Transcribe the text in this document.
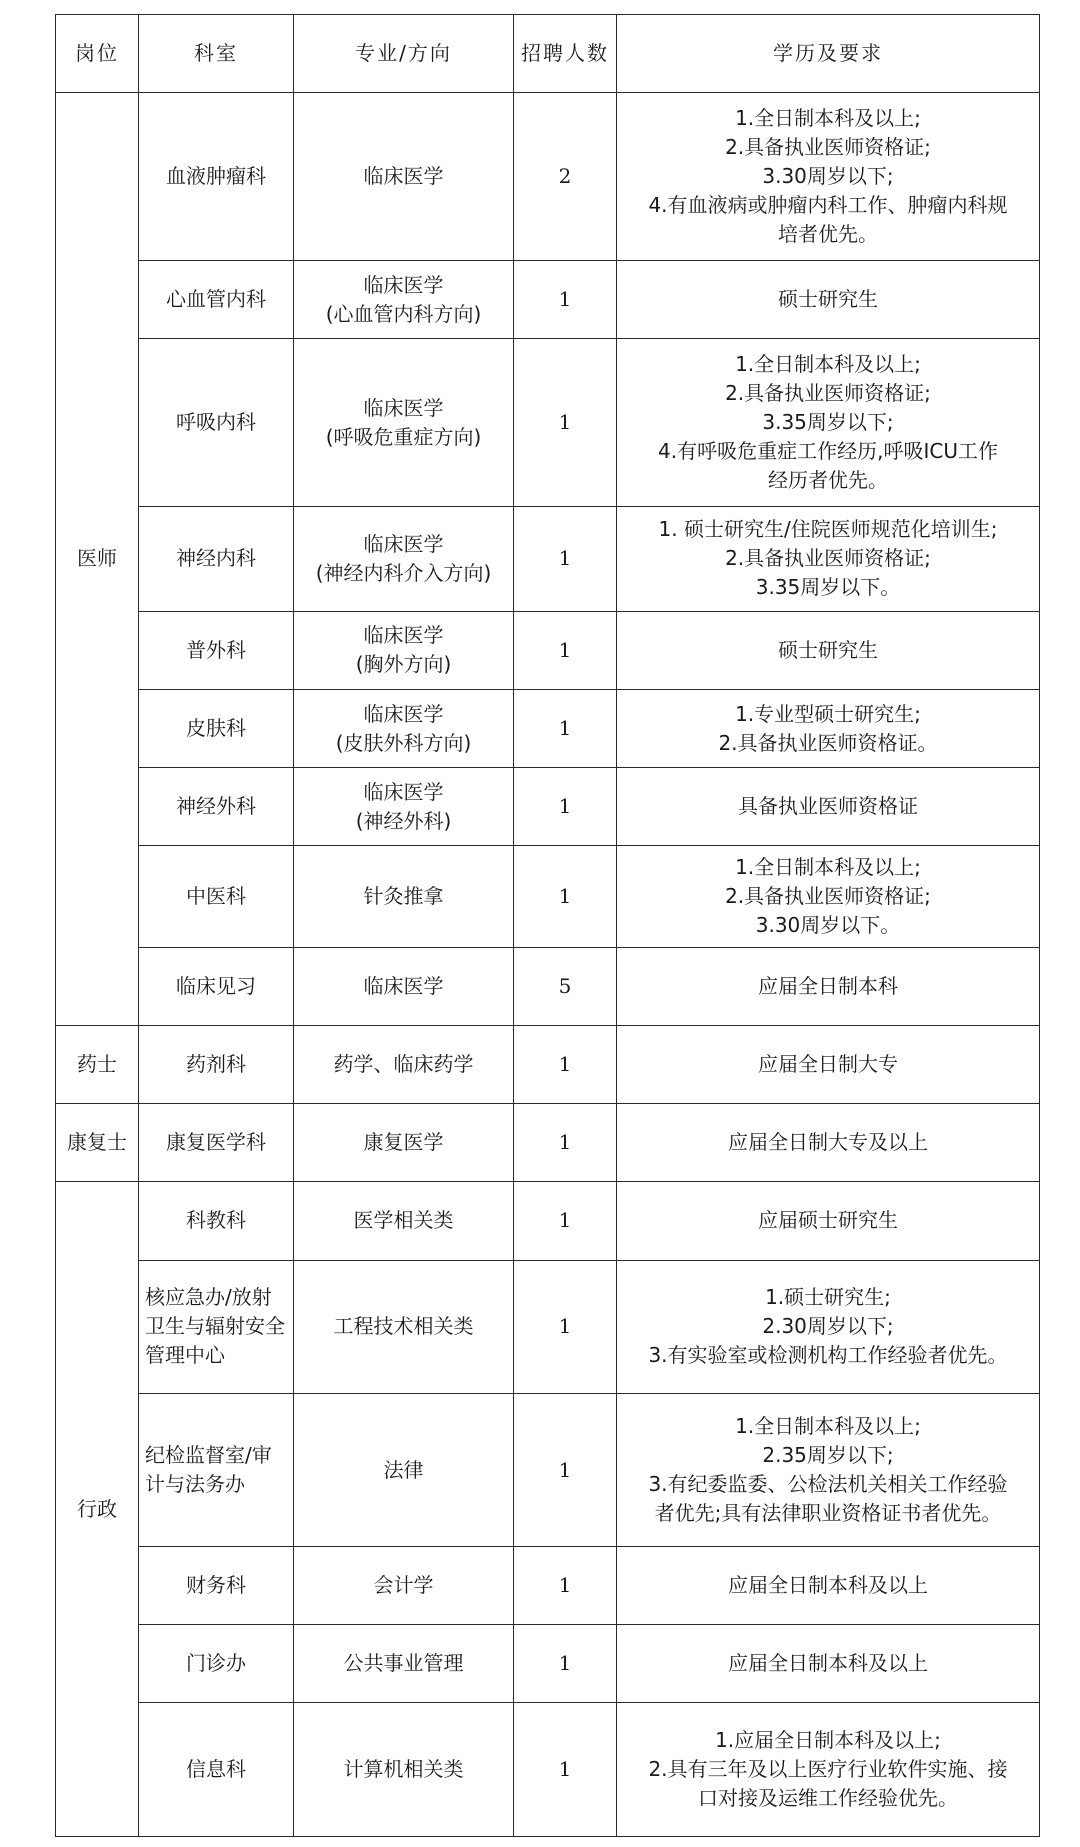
岗位	科室	专业/方向	招聘人数	学历及要求
医师	血液肿瘤科	临床医学	2	1.全日制本科及以上;
2.具备执业医师资格证;
3.30周岁以下;
4.有血液病或肿瘤内科工作、肿瘤内科规
培者优先。

	心血管内科	临床医学
(心血管内科方向)	1	硕士研究生

	呼吸内科	临床医学
(呼吸危重症方向)	1	1.全日制本科及以上;
2.具备执业医师资格证;
3.35周岁以下;
4.有呼吸危重症工作经历,呼吸ICU工作
经历者优先。

	神经内科	临床医学
(神经内科介入方向)	1	1. 硕士研究生/住院医师规范化培训生;
2.具备执业医师资格证;
3.35周岁以下。

	普外科	临床医学
(胸外方向)	1	硕士研究生

	皮肤科	临床医学
(皮肤外科方向)	1	1.专业型硕士研究生;
2.具备执业医师资格证。

	神经外科	临床医学
(神经外科)	1	具备执业医师资格证

	中医科	针灸推拿	1	1.全日制本科及以上;
2.具备执业医师资格证;
3.30周岁以下。

	临床见习	临床医学	5	应届全日制本科

药士	药剂科	药学、临床药学	1	应届全日制大专

康复士	康复医学科	康复医学	1	应届全日制大专及以上

行政	科教科	医学相关类	1	应届硕士研究生

	核应急办/放射卫生与辐射安全管理中心	工程技术相关类	1	1.硕士研究生;
2.30周岁以下;
3.有实验室或检测机构工作经验者优先。

	纪检监督室/审计与法务办	法律	1	1.全日制本科及以上;
2.35周岁以下;
3.有纪委监委、公检法机关相关工作经验
者优先;具有法律职业资格证书者优先。

	财务科	会计学	1	应届全日制本科及以上

	门诊办	公共事业管理	1	应届全日制本科及以上

	信息科	计算机相关类	1	1.应届全日制本科及以上;
2.具有三年及以上医疗行业软件实施、接
口对接及运维工作经验优先。
